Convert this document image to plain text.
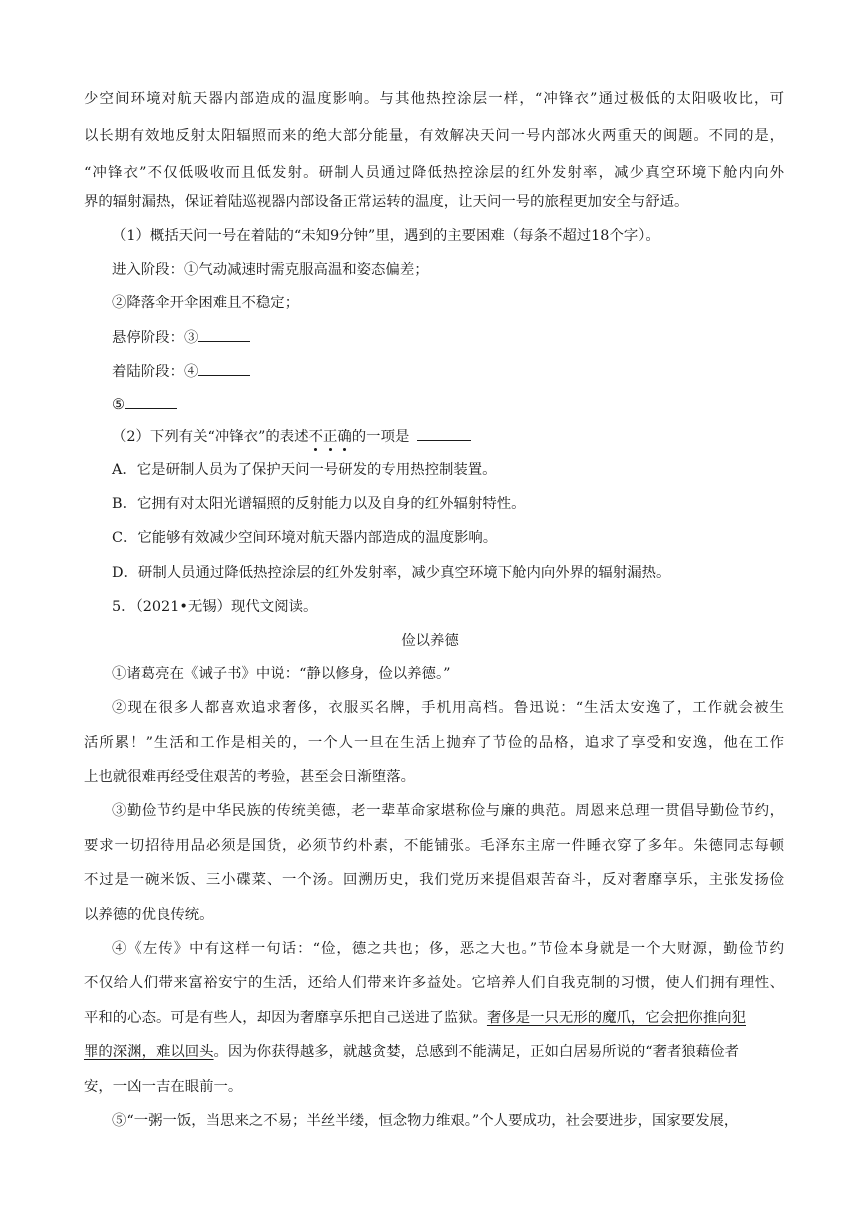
少空间环境对航天器内部造成的温度影响。与其他热控涂层一样，“冲锋衣”通过极低的太阳吸收比，可
以长期有效地反射太阳辐照而来的绝大部分能量，有效解决天问一号内部冰火两重天的闽题。不同的是，
“冲锋衣”不仅低吸收而且低发射。研制人员通过降低热控涂层的红外发射率，减少真空环境下舱内向外
界的辐射漏热，保证着陆巡视器内部设备正常运转的温度，让天问一号的旅程更加安全与舒适。
（1）概括天问一号在着陆的“未知9分钟”里，遇到的主要困难（每条不超过18个字）。
进入阶段：①气动减速时需克服高温和姿态偏差；
②降落伞开伞困难且不稳定；
悬停阶段：③
着陆阶段：④
⑤
（2）下列有关“冲锋衣”的表述不正确的一项是
A．它是研制人员为了保护天问一号研发的专用热控制装置。
B．它拥有对太阳光谱辐照的反射能力以及自身的红外辐射特性。
C．它能够有效减少空间环境对航天器内部造成的温度影响。
D．研制人员通过降低热控涂层的红外发射率，减少真空环境下舱内向外界的辐射漏热。
5．（2021•无锡）现代文阅读。
俭以养德
①诸葛亮在《诫子书》中说：“静以修身，俭以养德。”
②现在很多人都喜欢追求奢侈，衣服买名牌，手机用高档。鲁迅说：“生活太安逸了，工作就会被生
活所累！”生活和工作是相关的，一个人一旦在生活上抛弃了节俭的品格，追求了享受和安逸，他在工作
上也就很难再经受住艰苦的考验，甚至会日渐堕落。
③勤俭节约是中华民族的传统美德，老一辈革命家堪称俭与廉的典范。周恩来总理一贯倡导勤俭节约，
要求一切招待用品必须是国货，必须节约朴素，不能铺张。毛泽东主席一件睡衣穿了多年。朱德同志每顿
不过是一碗米饭、三小碟菜、一个汤。回溯历史，我们党历来提倡艰苦奋斗，反对奢靡享乐，主张发扬俭
以养德的优良传统。
④《左传》中有这样一句话：“俭，德之共也；侈，恶之大也。”节俭本身就是一个大财源，勤俭节约
不仅给人们带来富裕安宁的生活，还给人们带来许多益处。它培养人们自我克制的习惯，使人们拥有理性、
平和的心态。可是有些人，却因为奢靡享乐把自己送进了监狱。奢侈是一只无形的魔爪，它会把你推向犯
罪的深渊，难以回头。因为你获得越多，就越贪婪，总感到不能满足，正如白居易所说的“奢者狼藉俭者
安，一凶一吉在眼前一。
⑤“一粥一饭，当思来之不易；半丝半缕，恒念物力维艰。”个人要成功，社会要进步，国家要发展，
